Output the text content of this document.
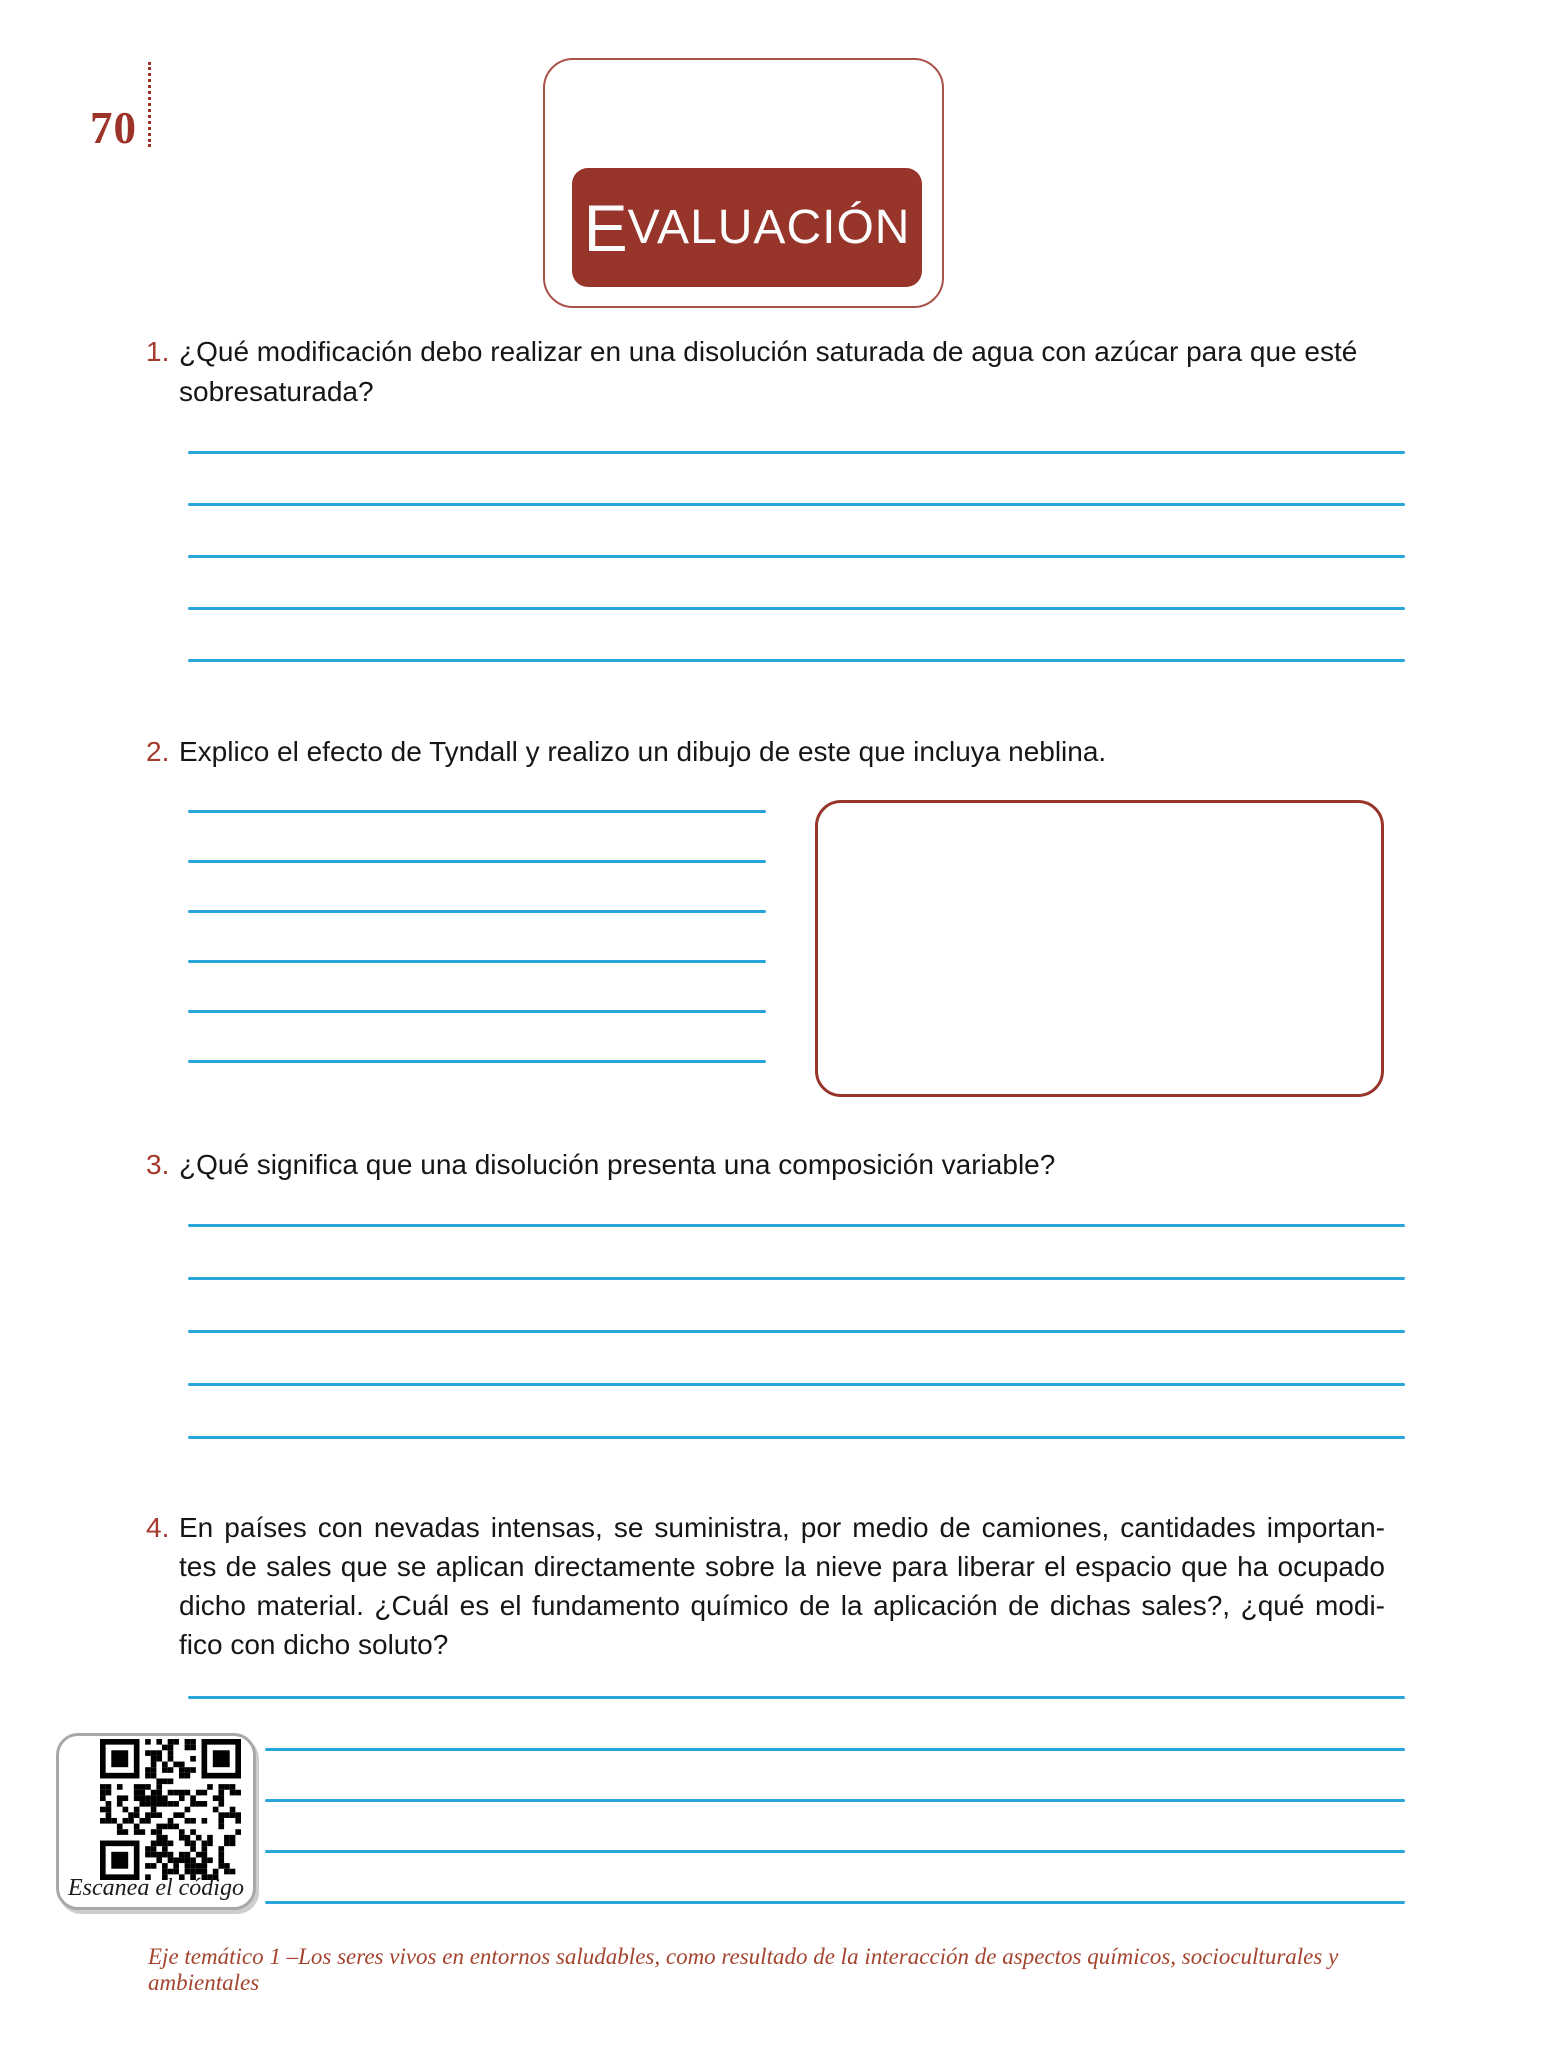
70
E VALUACIÓN
1. ¿Qué modificación debo realizar en una disolución saturada de agua con azúcar para que esté sobresaturada?
2. Explico el efecto de Tyndall y realizo un dibujo de este que incluya neblina.
3. ¿Qué significa que una disolución presenta una composición variable?
4. En países con nevadas intensas, se suministra, por medio de camiones, cantidades importan-
tes de sales que se aplican directamente sobre la nieve para liberar el espacio que ha ocupado
dicho material. ¿Cuál es el fundamento químico de la aplicación de dichas sales?, ¿qué modi-
fico con dicho soluto?
Escanea el código
Eje temático 1 –Los seres vivos en entornos saludables, como resultado de la interacción de aspectos químicos, socioculturales y ambientales
